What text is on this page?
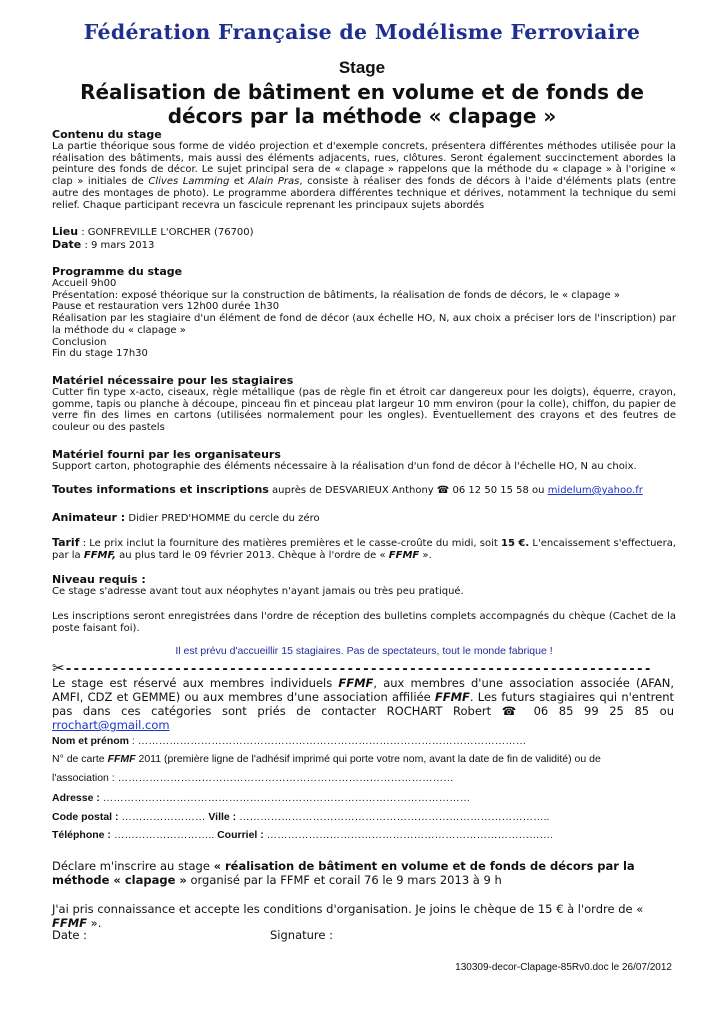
Fédération Française de Modélisme Ferroviaire
Stage
Réalisation de bâtiment en volume et de fonds de décors par la méthode « clapage »
Contenu du stage

La partie théorique sous forme de vidéo projection et d'exemple concrets, présentera différentes méthodes utilisée pour la réalisation des bâtiments, mais aussi des éléments adjacents, rues, clôtures. Seront également succinctement abordes la peinture des fonds de décor. Le sujet principal sera de « clapage » rappelons que la méthode du « clapage » à l'origine « clap » initiales de Clives Lamming et Alain Pras, consiste à réaliser des fonds de décors à l'aide d'éléments plats (entre autre des montages de photo). Le programme abordera différentes technique et dérives, notamment la technique du semi relief. Chaque participant recevra un fascicule reprenant les principaux sujets abordés

Lieu : GONFREVILLE L'ORCHER (76700)

Date : 9 mars 2013

Programme du stage

Accueil 9h00

Présentation: exposé théorique sur la construction de bâtiments, la réalisation de fonds de décors, le « clapage »

Pause et restauration vers 12h00 durée 1h30

Réalisation par les stagiaire d'un élément de fond de décor (aux échelle HO, N, aux choix a préciser lors de l'inscription) par la méthode du « clapage »

Conclusion

Fin du stage 17h30

Matériel nécessaire pour les stagiaires

Cutter fin type x-acto, ciseaux, règle métallique (pas de règle fin et étroit car dangereux pour les doigts), équerre, crayon, gomme, tapis ou planche à découpe, pinceau fin et pinceau plat largeur 10 mm environ (pour la colle), chiffon, du papier de verre fin des limes en cartons (utilisées normalement pour les ongles). Éventuellement des crayons et des feutres de couleur ou des pastels

Matériel fourni par les organisateurs

Support carton, photographie des éléments nécessaire à la réalisation d'un fond de décor à l'échelle HO, N au choix.

Toutes informations et inscriptions auprès de DESVARIEUX Anthony ☎ 06 12 50 15 58 ou midelum@yahoo.fr

Animateur : Didier PRED'HOMME du cercle du zéro

Tarif : Le prix inclut la fourniture des matières premières et le casse-croûte du midi, soit 15 €. L'encaissement s'effectuera, par la FFMF, au plus tard le 09 février 2013. Chèque à l'ordre de « FFMF ».

Niveau requis :

Ce stage s'adresse avant tout aux néophytes n'ayant jamais ou très peu pratiqué.

Les inscriptions seront enregistrées dans l'ordre de réception des bulletins complets accompagnés du chèque (Cachet de la poste faisant foi).

Il est prévu d'accueillir 15 stagiaires. Pas de spectateurs, tout le monde fabrique !
✂---------------------------------------------------------------------------
Le stage est réservé aux membres individuels FFMF, aux membres d'une association associée (AFAN, AMFI, CDZ et GEMME) ou aux membres d'une association affiliée FFMF. Les futurs stagiaires qui n'entrent pas dans ces catégories sont priés de contacter ROCHART Robert ☎ 06 85 99 25 85 ou rrochart@gmail.com
Nom et prénom : …………………………………………………………………………………………………
N° de carte FFMF 2011 (première ligne de l'adhésif imprimé qui porte votre nom, avant la date de fin de validité) ou de
l'association : ……………………………………………………………………………………
Adresse : ……………………………………………………………………………………………
Code postal : …………………… Ville : ……………………………………………………………………………..
Téléphone : ……………………….. Courriel : ……………………………………………………………………….
Déclare m'inscrire au stage « réalisation de bâtiment en volume et de fonds de décors par la méthode « clapage » organisé par la FFMF et corail 76 le 9 mars 2013 à 9 h
J'ai pris connaissance et accepte les conditions d'organisation. Je joins le chèque de 15 € à l'ordre de « FFMF ».
Date :	Signature :
130309-decor-Clapage-85Rv0.doc le 26/07/2012
